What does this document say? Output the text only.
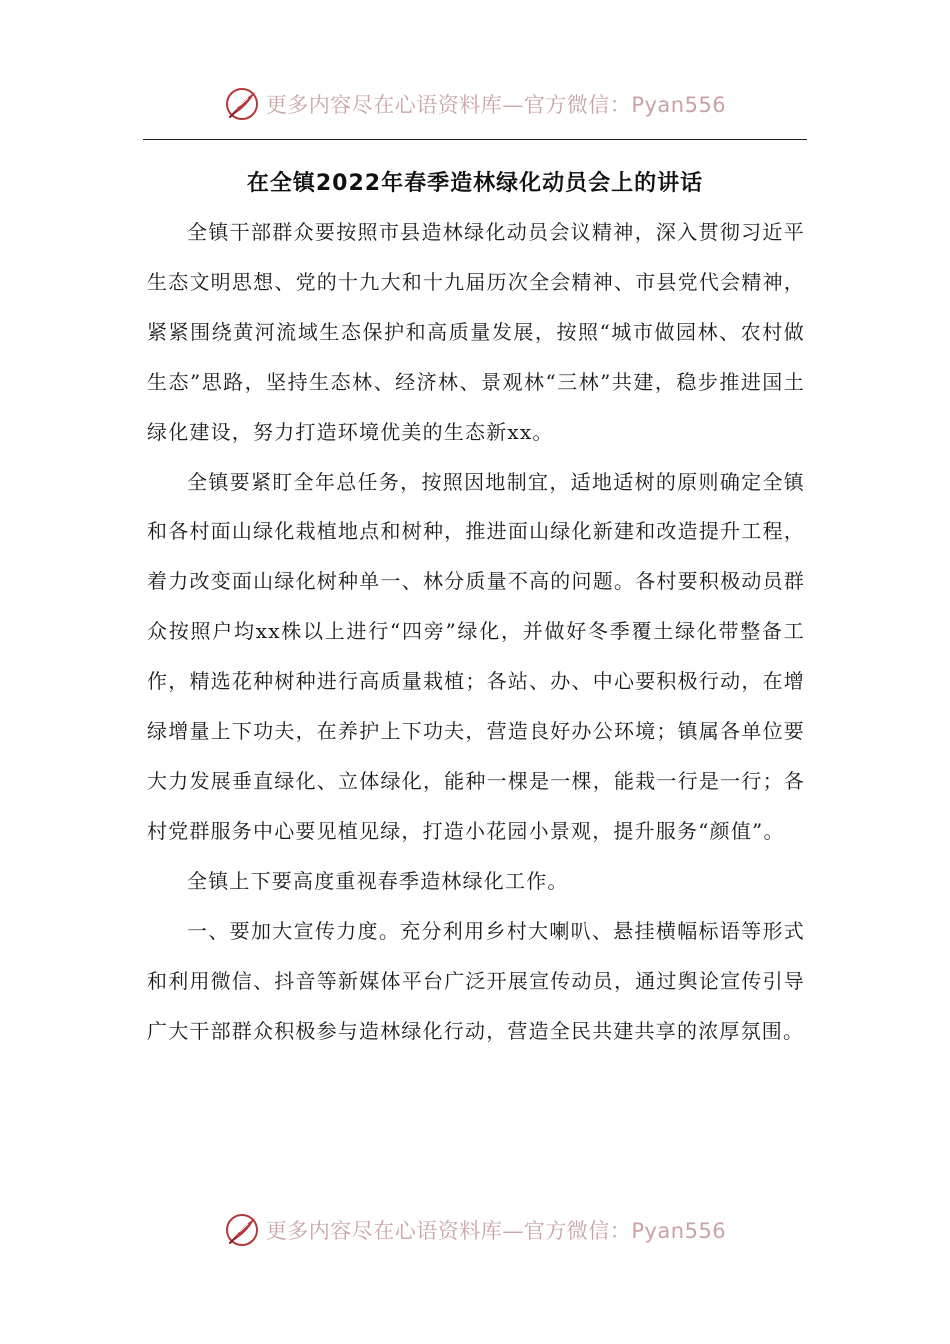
更多内容尽在心语资料库—官方微信：Pyan556
在全镇2022年春季造林绿化动员会上的讲话

全镇干部群众要按照市县造林绿化动员会议精神，深入贯彻习近平生态文明思想、党的十九大和十九届历次全会精神、市县党代会精神，紧紧围绕黄河流域生态保护和高质量发展，按照“城市做园林、农村做生态”思路，坚持生态林、经济林、景观林“三林”共建，稳步推进国土绿化建设，努力打造环境优美的生态新xx。

全镇要紧盯全年总任务，按照因地制宜，适地适树的原则确定全镇和各村面山绿化栽植地点和树种，推进面山绿化新建和改造提升工程，着力改变面山绿化树种单一、林分质量不高的问题。各村要积极动员群众按照户均xx株以上进行“四旁”绿化，并做好冬季覆土绿化带整备工作，精选花种树种进行高质量栽植；各站、办、中心要积极行动，在增绿增量上下功夫，在养护上下功夫，营造良好办公环境；镇属各单位要大力发展垂直绿化、立体绿化，能种一棵是一棵，能栽一行是一行；各村党群服务中心要见植见绿，打造小花园小景观，提升服务“颜值”。

全镇上下要高度重视春季造林绿化工作。

一、要加大宣传力度。充分利用乡村大喇叭、悬挂横幅标语等形式和利用微信、抖音等新媒体平台广泛开展宣传动员，通过舆论宣传引导广大干部群众积极参与造林绿化行动，营造全民共建共享的浓厚氛围。

更多内容尽在心语资料库—官方微信：Pyan556
